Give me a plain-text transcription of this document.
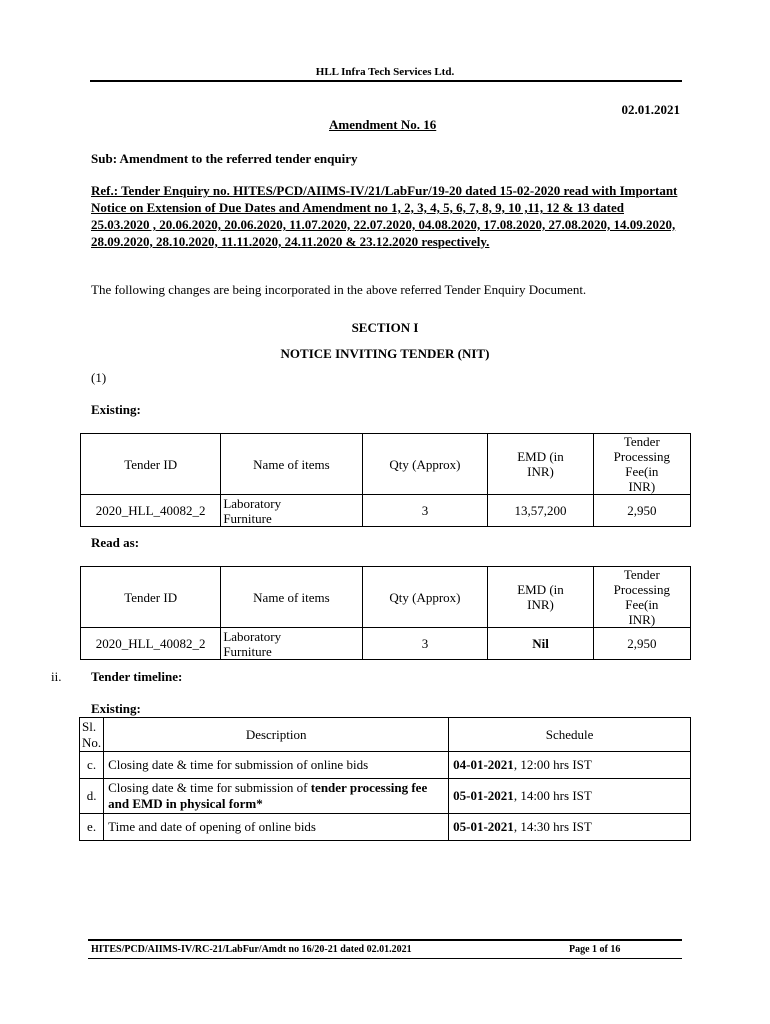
HLL Infra Tech Services Ltd.
02.01.2021
Amendment No. 16
Sub: Amendment to the referred tender enquiry
Ref.: Tender Enquiry no. HITES/PCD/AIIMS-IV/21/LabFur/19-20 dated 15-02-2020 read with Important Notice on Extension of Due Dates and Amendment no 1, 2, 3, 4, 5, 6, 7, 8, 9, 10 ,11, 12 & 13 dated 25.03.2020 , 20.06.2020, 20.06.2020, 11.07.2020, 22.07.2020, 04.08.2020, 17.08.2020, 27.08.2020, 14.09.2020, 28.09.2020, 28.10.2020, 11.11.2020, 24.11.2020 & 23.12.2020 respectively.
The following changes are being incorporated in the above referred Tender Enquiry Document.
SECTION I
NOTICE INVITING TENDER (NIT)
(1)
Existing:
Tender ID	Name of items	Qty (Approx)	EMD (in INR)	Tender Processing Fee(in INR)
2020_HLL_40082_2	Laboratory Furniture	3	13,57,200	2,950
Read as:
Tender ID	Name of items	Qty (Approx)	EMD (in INR)	Tender Processing Fee(in INR)
2020_HLL_40082_2	Laboratory Furniture	3	Nil	2,950
ii. Tender timeline:
Existing:
Sl. No.	Description	Schedule
c.	Closing date & time for submission of online bids	04-01-2021, 12:00 hrs IST
d.	Closing date & time for submission of tender processing fee and EMD in physical form*	05-01-2021, 14:00 hrs IST
e.	Time and date of opening of online bids	05-01-2021, 14:30 hrs IST
HITES/PCD/AIIMS-IV/RC-21/LabFur/Amdt no 16/20-21 dated 02.01.2021	Page 1 of 16
